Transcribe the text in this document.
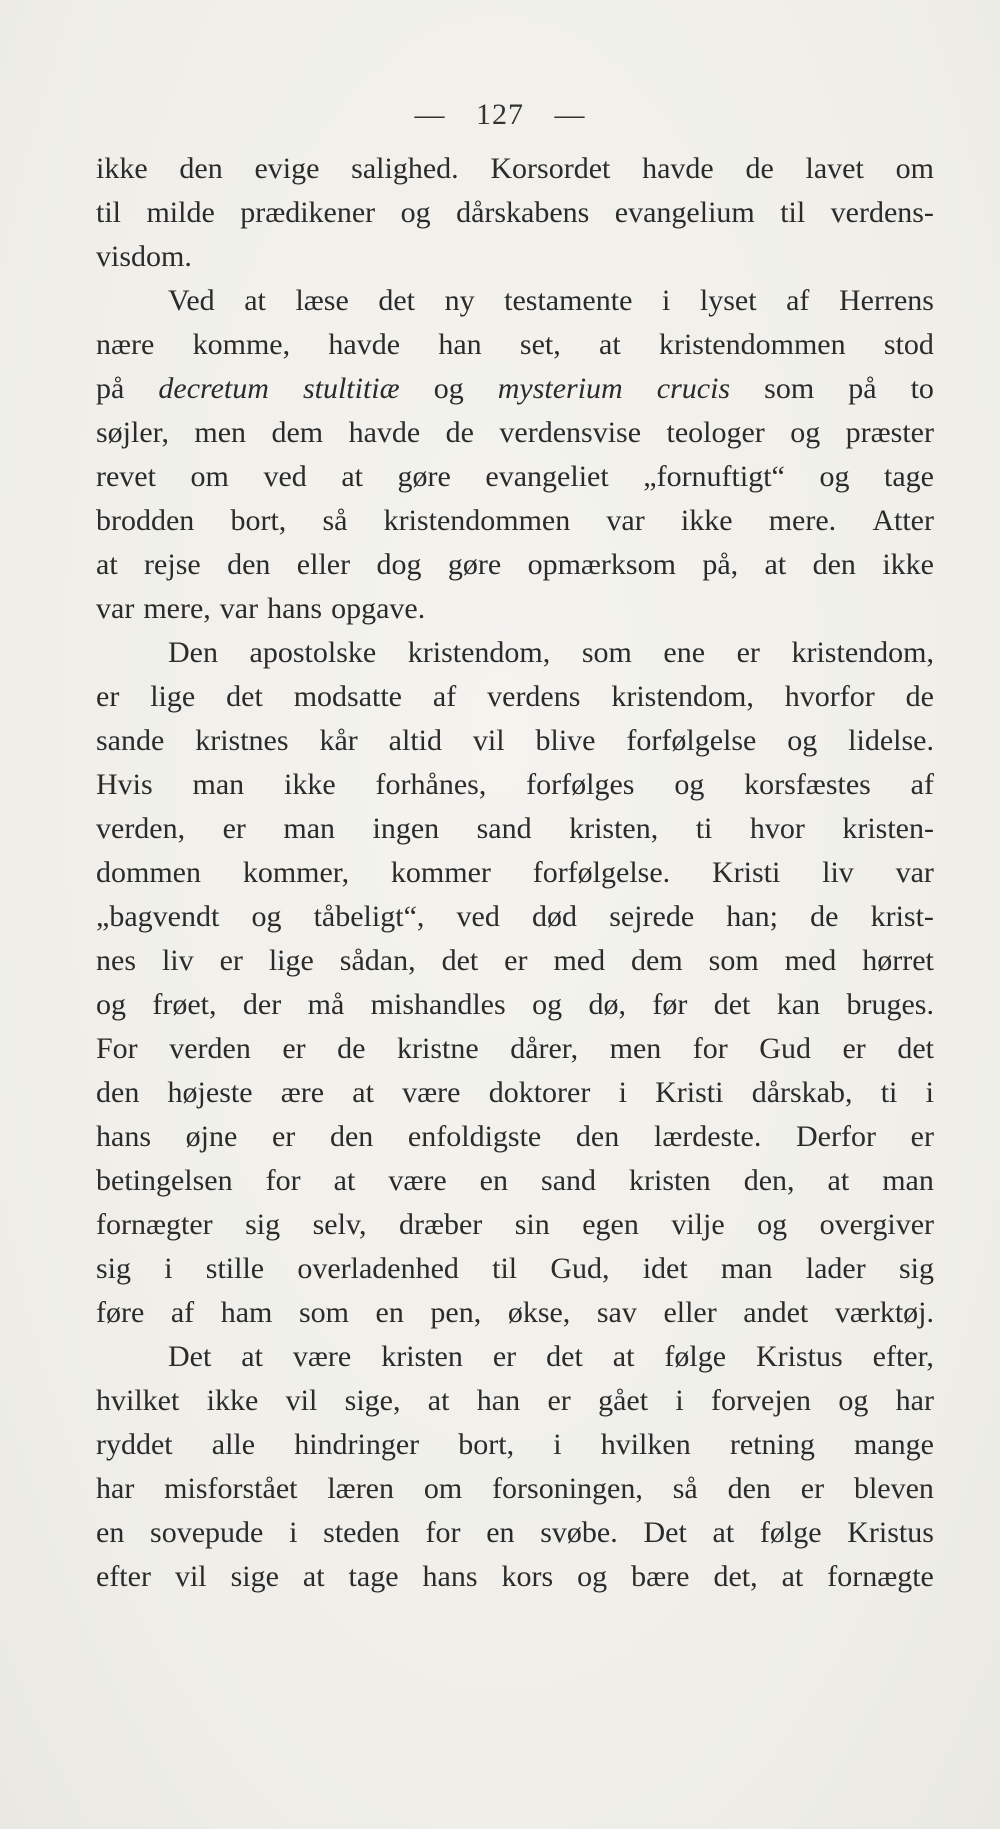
— 127 —
ikke den evige salighed. Korsordet havde de lavet om
til milde prædikener og dårskabens evangelium til verdens-
visdom.
Ved at læse det ny testamente i lyset af Herrens
nære komme, havde han set, at kristendommen stod
på decretum stultitiæ og mysterium crucis som på to
søjler, men dem havde de verdensvise teologer og præster
revet om ved at gøre evangeliet „fornuftigt“ og tage
brodden bort, så kristendommen var ikke mere. Atter
at rejse den eller dog gøre opmærksom på, at den ikke
var mere, var hans opgave.
Den apostolske kristendom, som ene er kristendom,
er lige det modsatte af verdens kristendom, hvorfor de
sande kristnes kår altid vil blive forfølgelse og lidelse.
Hvis man ikke forhånes, forfølges og korsfæstes af
verden, er man ingen sand kristen, ti hvor kristen-
dommen kommer, kommer forfølgelse. Kristi liv var
„bagvendt og tåbeligt“, ved død sejrede han; de krist-
nes liv er lige sådan, det er med dem som med hørret
og frøet, der må mishandles og dø, før det kan bruges.
For verden er de kristne dårer, men for Gud er det
den højeste ære at være doktorer i Kristi dårskab, ti i
hans øjne er den enfoldigste den lærdeste. Derfor er
betingelsen for at være en sand kristen den, at man
fornægter sig selv, dræber sin egen vilje og overgiver
sig i stille overladenhed til Gud, idet man lader sig
føre af ham som en pen, økse, sav eller andet værktøj.
Det at være kristen er det at følge Kristus efter,
hvilket ikke vil sige, at han er gået i forvejen og har
ryddet alle hindringer bort, i hvilken retning mange
har misforstået læren om forsoningen, så den er bleven
en sovepude i steden for en svøbe. Det at følge Kristus
efter vil sige at tage hans kors og bære det, at fornægte
